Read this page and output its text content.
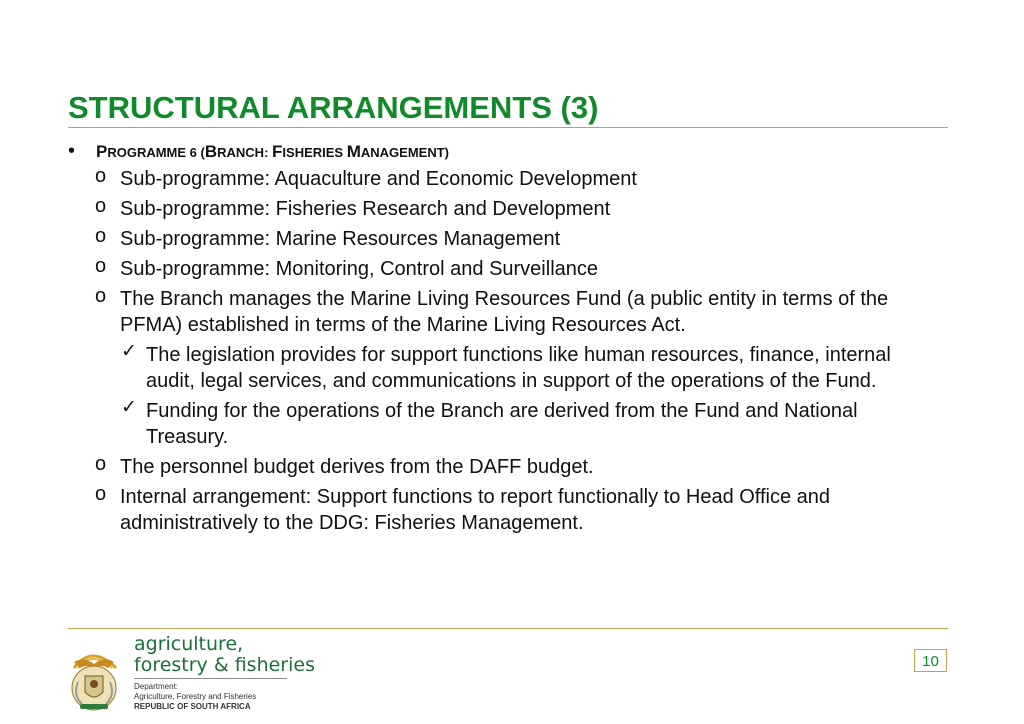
STRUCTURAL ARRANGEMENTS (3)
• PROGRAMME 6 (BRANCH: FISHERIES MANAGEMENT)
o Sub-programme: Aquaculture and Economic Development
o Sub-programme: Fisheries Research and Development
o Sub-programme: Marine Resources Management
o Sub-programme: Monitoring, Control and Surveillance
o The Branch manages the Marine Living Resources Fund (a public entity in terms of the PFMA) established in terms of the Marine Living Resources Act.
✓ The legislation provides for support functions like human resources, finance, internal audit, legal services, and communications in support of the operations of the Fund.
✓ Funding for the operations of the Branch are derived from the Fund and National Treasury.
o The personnel budget derives from the DAFF budget.
o Internal arrangement: Support functions to report functionally to Head Office and administratively to the DDG: Fisheries Management.
agriculture,
forestry & fisheries
Department:
Agriculture, Forestry and Fisheries
REPUBLIC OF SOUTH AFRICA
10
